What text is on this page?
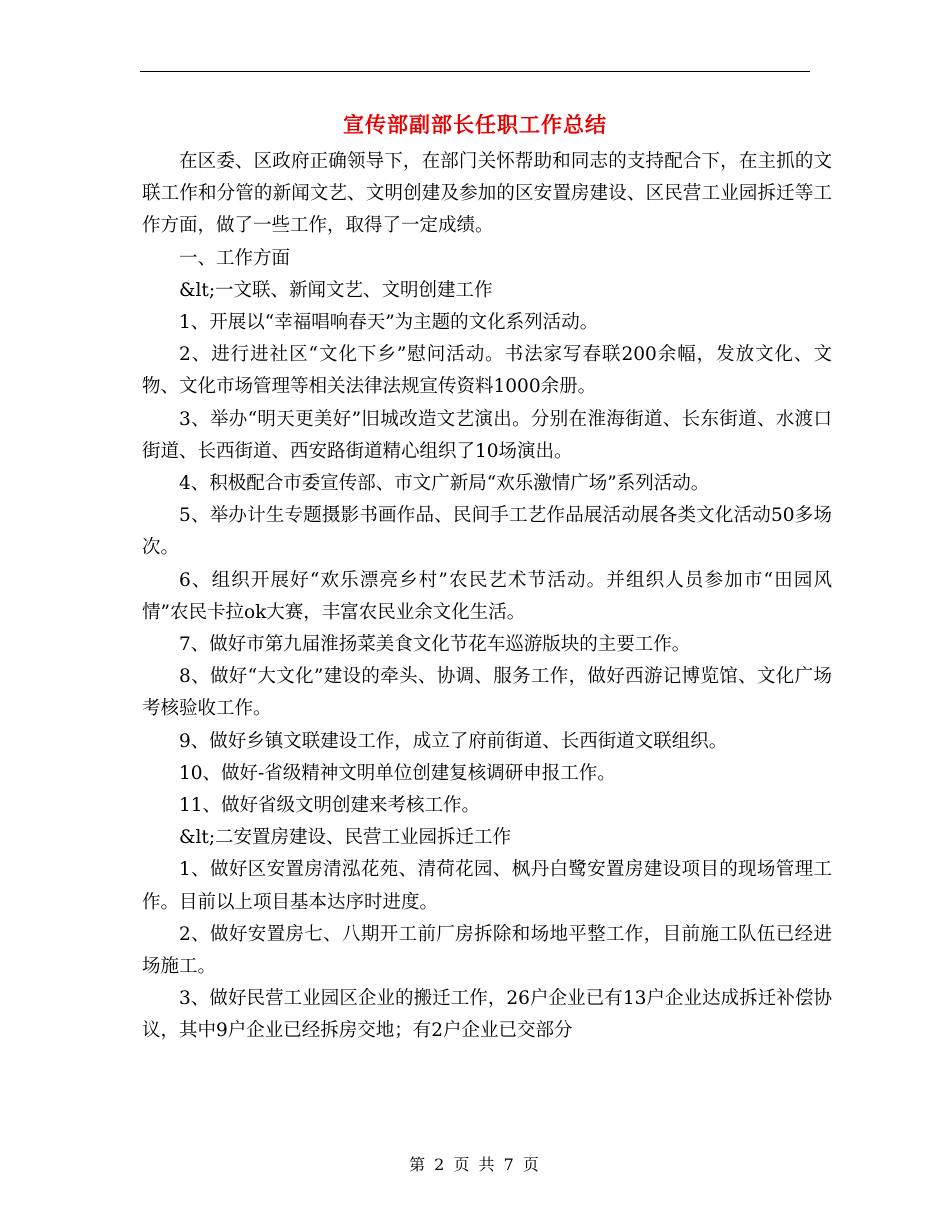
宣传部副部长任职工作总结

在区委、区政府正确领导下，在部门关怀帮助和同志的支持配合下，在主抓的文联工作和分管的新闻文艺、文明创建及参加的区安置房建设、区民营工业园拆迁等工作方面，做了一些工作，取得了一定成绩。

一、工作方面

&lt;一文联、新闻文艺、文明创建工作

1、开展以“幸福唱响春天”为主题的文化系列活动。

2、进行进社区“文化下乡”慰问活动。书法家写春联200余幅，发放文化、文物、文化市场管理等相关法律法规宣传资料1000余册。

3、举办“明天更美好”旧城改造文艺演出。分别在淮海街道、长东街道、水渡口街道、长西街道、西安路街道精心组织了10场演出。

4、积极配合市委宣传部、市文广新局“欢乐激情广场”系列活动。

5、举办计生专题摄影书画作品、民间手工艺作品展活动展各类文化活动50多场次。

6、组织开展好“欢乐漂亮乡村”农民艺术节活动。并组织人员参加市“田园风情”农民卡拉ok大赛，丰富农民业余文化生活。

7、做好市第九届淮扬菜美食文化节花车巡游版块的主要工作。

8、做好“大文化”建设的牵头、协调、服务工作，做好西游记博览馆、文化广场考核验收工作。

9、做好乡镇文联建设工作，成立了府前街道、长西街道文联组织。

10、做好-省级精神文明单位创建复核调研申报工作。

11、做好省级文明创建来考核工作。

&lt;二安置房建设、民营工业园拆迁工作

1、做好区安置房清泓花苑、清荷花园、枫丹白鹭安置房建设项目的现场管理工作。目前以上项目基本达序时进度。

2、做好安置房七、八期开工前厂房拆除和场地平整工作，目前施工队伍已经进场施工。

3、做好民营工业园区企业的搬迁工作，26户企业已有13户企业达成拆迁补偿协议，其中9户企业已经拆房交地；有2户企业已交部分

第 2 页 共 7 页
